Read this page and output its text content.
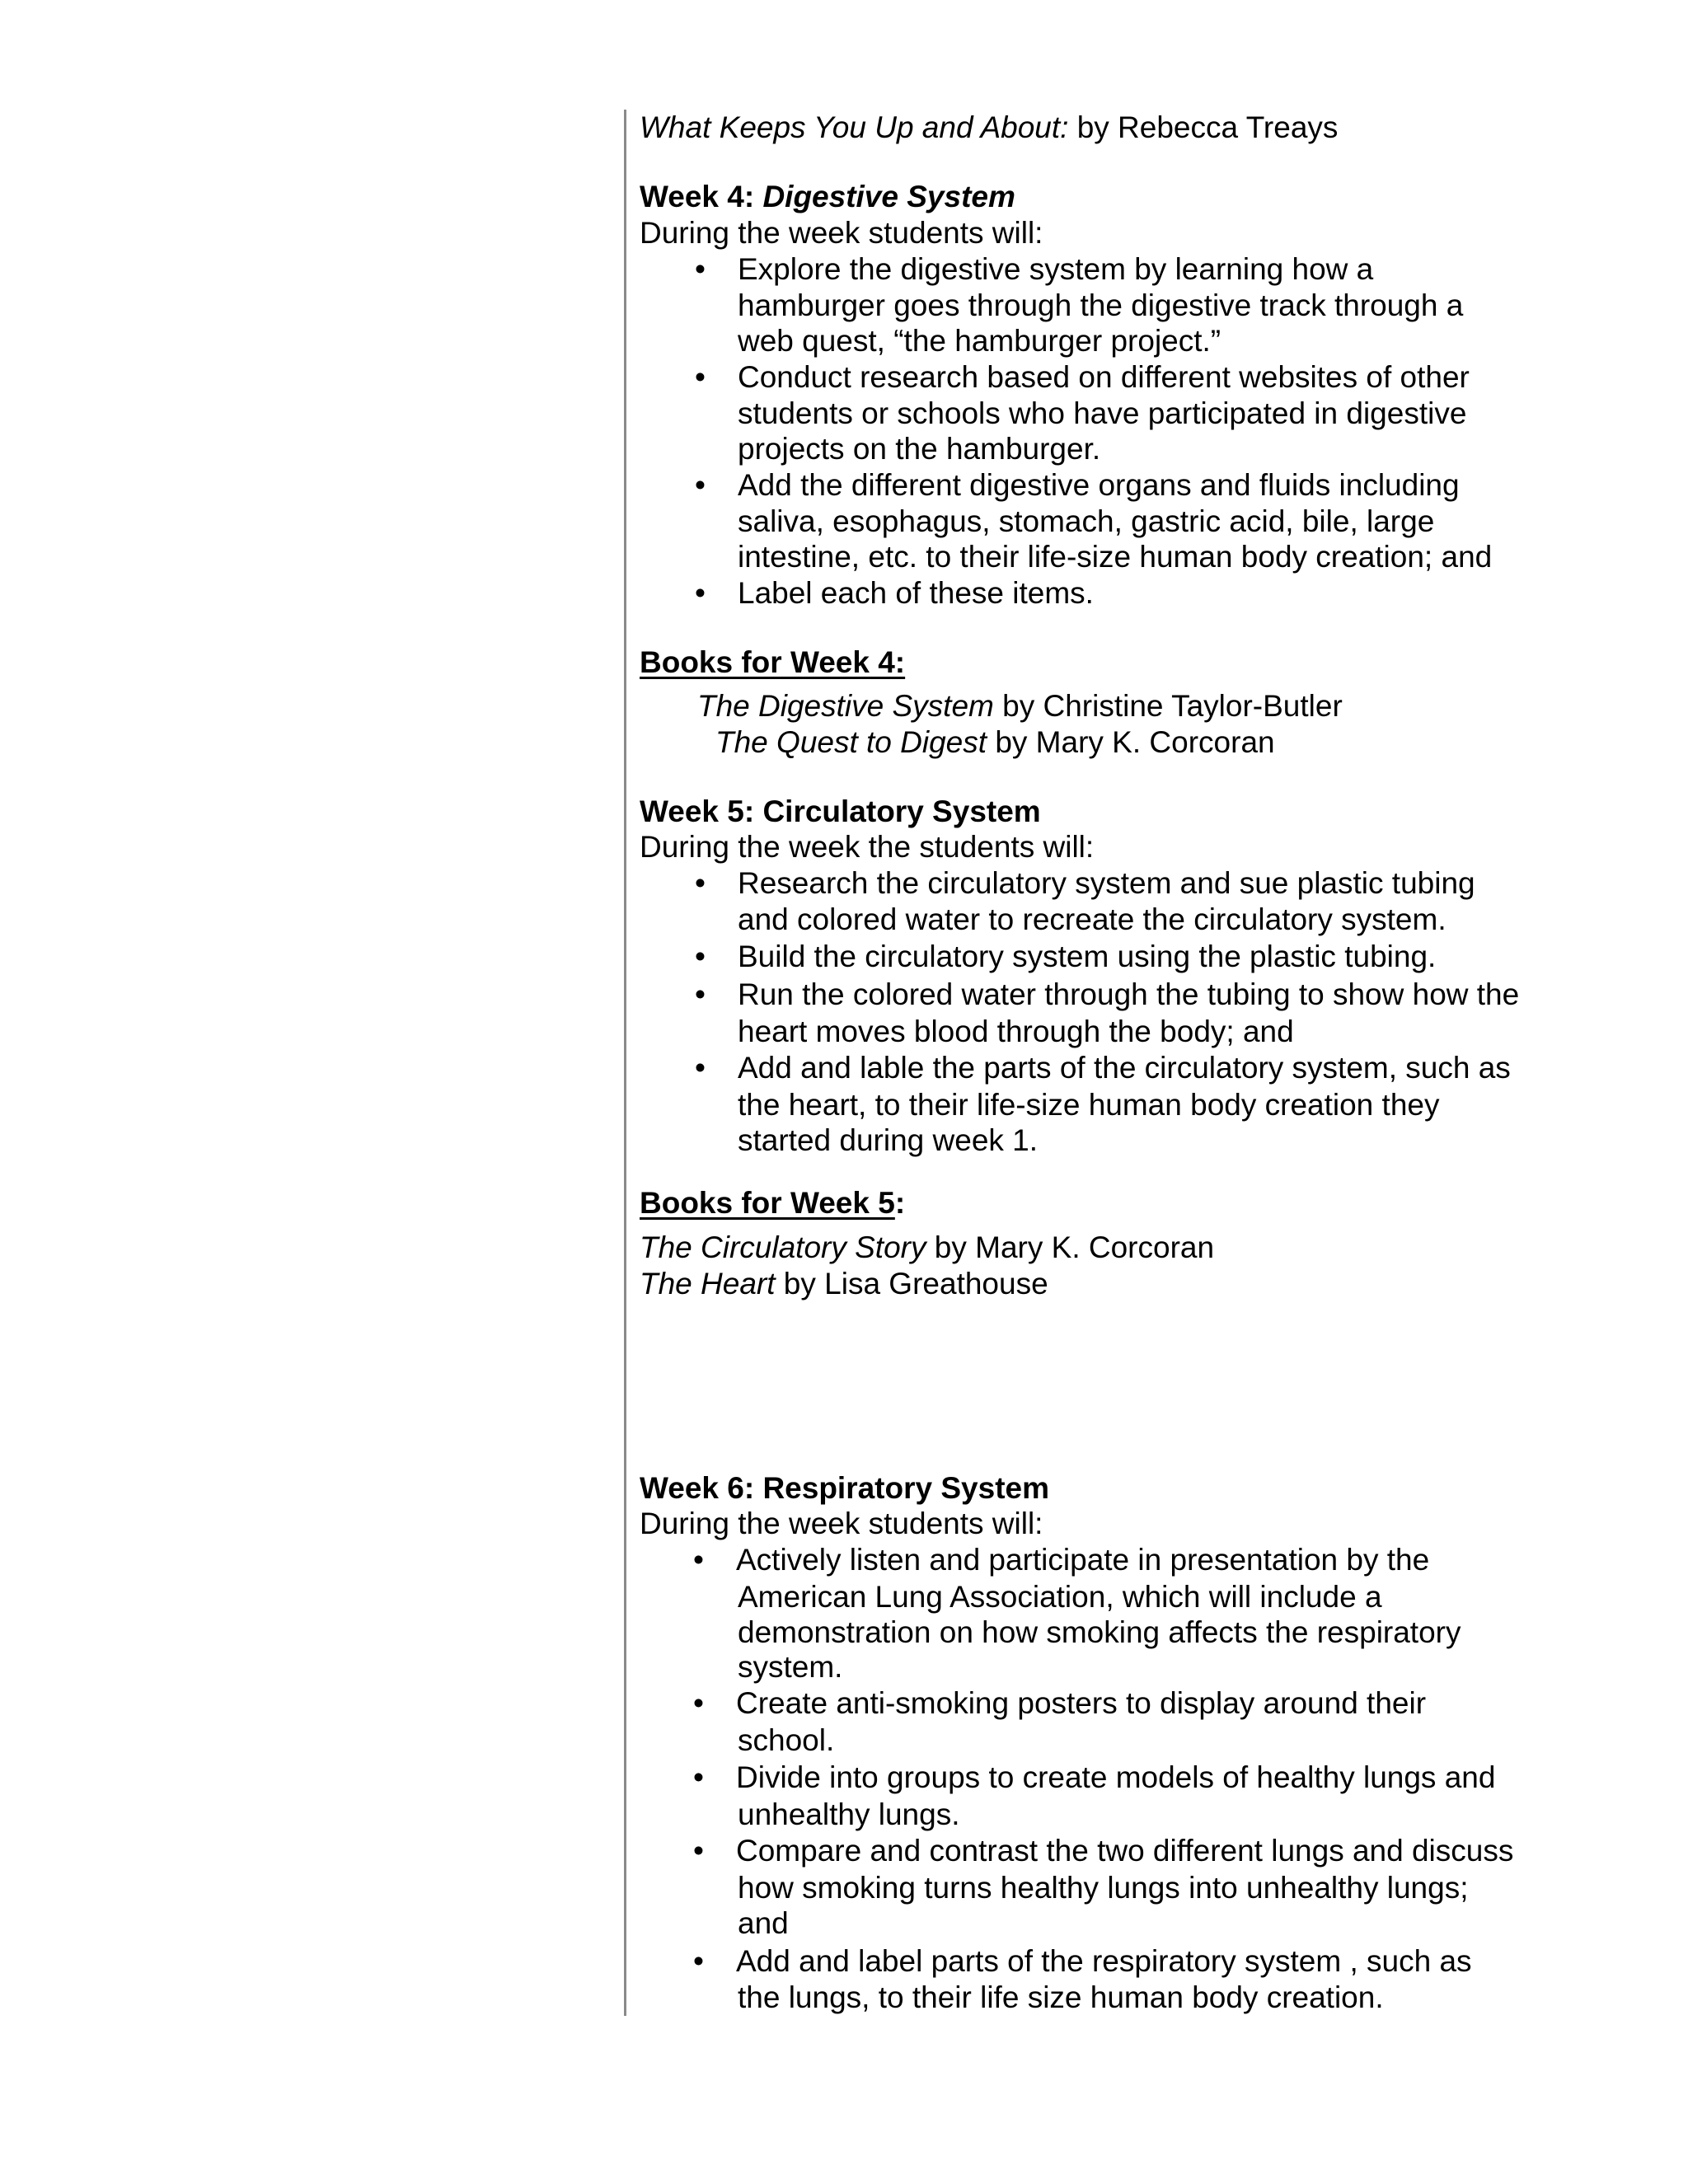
What Keeps You Up and About: by Rebecca Treays
Week 4: Digestive System
During the week students will:
• Explore the digestive system by learning how a
hamburger goes through the digestive track through a
web quest, “the hamburger project.”
• Conduct research based on different websites of other
students or schools who have participated in digestive
projects on the hamburger.
• Add the different digestive organs and fluids including
saliva, esophagus, stomach, gastric acid, bile, large
intestine, etc. to their life-size human body creation; and
• Label each of these items.
Books for Week 4:
The Digestive System by Christine Taylor-Butler
The Quest to Digest by Mary K. Corcoran
Week 5: Circulatory System
During the week the students will:
• Research the circulatory system and sue plastic tubing
and colored water to recreate the circulatory system.
• Build the circulatory system using the plastic tubing.
• Run the colored water through the tubing to show how the
heart moves blood through the body; and
• Add and lable the parts of the circulatory system, such as
the heart, to their life-size human body creation they
started during week 1.
Books for Week 5:
The Circulatory Story by Mary K. Corcoran
The Heart by Lisa Greathouse
Week 6: Respiratory System
During the week students will:
• Actively listen and participate in presentation by the
American Lung Association, which will include a
demonstration on how smoking affects the respiratory
system.
• Create anti-smoking posters to display around their
school.
• Divide into groups to create models of healthy lungs and
unhealthy lungs.
• Compare and contrast the two different lungs and discuss
how smoking turns healthy lungs into unhealthy lungs;
and
• Add and label parts of the respiratory system , such as
the lungs, to their life size human body creation.
